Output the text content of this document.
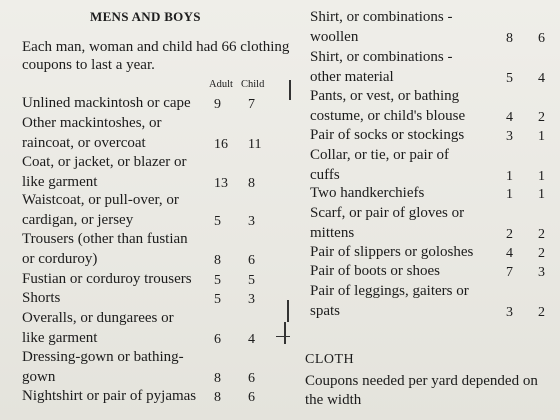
MENS AND BOYS
Each man, woman and child had 66 clothing coupons to last a year.
Adult Child
Unlined mackintosh or cape 9 7
Other mackintoshes, or
raincoat, or overcoat	16 11
Coat, or jacket, or blazer or
like garment	13 8
Waistcoat, or pull-over, or
cardigan, or jersey	5 3
Trousers (other than fustian
or corduroy)	8 6
Fustian or corduroy trousers 5 5
Shorts	5 3
Overalls, or dungarees or
like garment	6 4
Dressing-gown or bathing-
gown	8 6
Nightshirt or pair of pyjamas 8 6
Shirt, or combinations -
woollen	8 6
Shirt, or combinations -
other material	5 4
Pants, or vest, or bathing
costume, or child's blouse	4 2
Pair of socks or stockings	3 1
Collar, or tie, or pair of
cuffs	1 1
Two handkerchiefs	1 1
Scarf, or pair of gloves or
mittens	2 2
Pair of slippers or goloshes 4 2
Pair of boots or shoes	7 3
Pair of leggings, gaiters or
spats	3 2
CLOTH
Coupons needed per yard depended on the width
